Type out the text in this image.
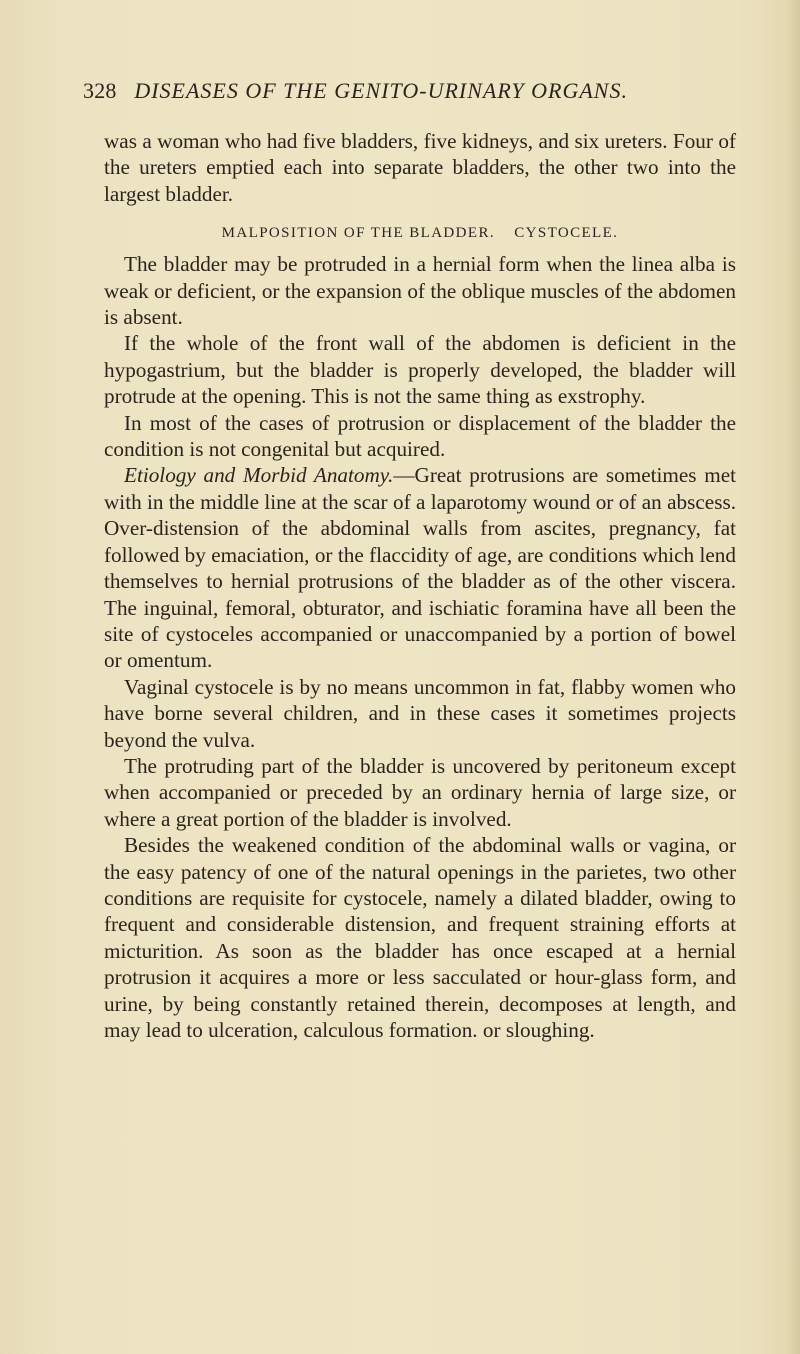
328 DISEASES OF THE GENITO-URINARY ORGANS.

was a woman who had five bladders, five kidneys, and six ureters. Four of the ureters emptied each into separate bladders, the other two into the largest bladder.

MALPOSITION OF THE BLADDER. CYSTOCELE.

The bladder may be protruded in a hernial form when the linea alba is weak or deficient, or the expansion of the oblique muscles of the abdomen is absent.

If the whole of the front wall of the abdomen is deficient in the hypogastrium, but the bladder is properly developed, the bladder will protrude at the opening. This is not the same thing as exstrophy.

In most of the cases of protrusion or displacement of the bladder the condition is not congenital but acquired.

Etiology and Morbid Anatomy.—Great protrusions are sometimes met with in the middle line at the scar of a laparotomy wound or of an abscess. Over-distension of the abdominal walls from ascites, pregnancy, fat followed by emaciation, or the flaccidity of age, are conditions which lend themselves to hernial protrusions of the bladder as of the other viscera. The inguinal, femoral, obturator, and ischiatic foramina have all been the site of cystoceles accompanied or unaccompanied by a portion of bowel or omentum.

Vaginal cystocele is by no means uncommon in fat, flabby women who have borne several children, and in these cases it sometimes projects beyond the vulva.

The protruding part of the bladder is uncovered by peritoneum except when accompanied or preceded by an ordinary hernia of large size, or where a great portion of the bladder is involved.

Besides the weakened condition of the abdominal walls or vagina, or the easy patency of one of the natural openings in the parietes, two other conditions are requisite for cystocele, namely a dilated bladder, owing to frequent and considerable distension, and frequent straining efforts at micturition. As soon as the bladder has once escaped at a hernial protrusion it acquires a more or less sacculated or hour-glass form, and urine, by being constantly retained therein, decomposes at length, and may lead to ulceration, calculous formation. or sloughing.
